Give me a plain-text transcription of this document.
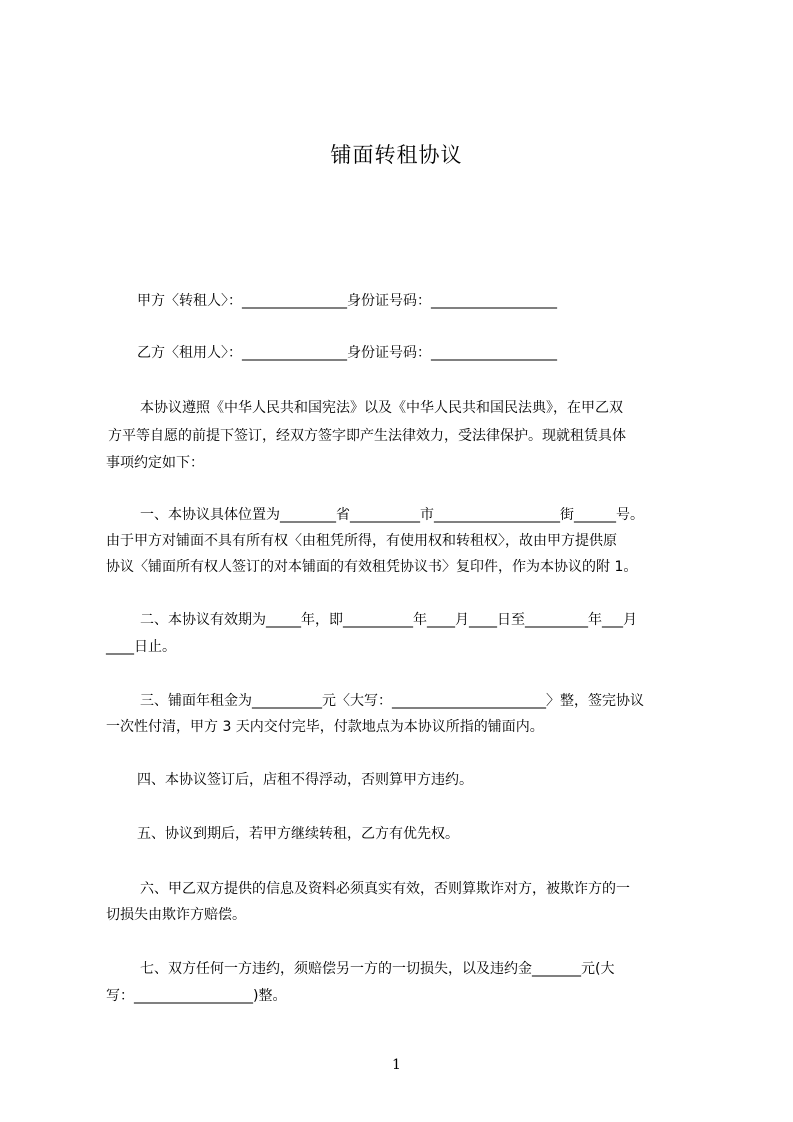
铺面转租协议
甲方〈转租人〉：_______________身份证号码：__________________
乙方〈租用人〉：_______________身份证号码：__________________
本协议遵照《中华人民共和国宪法》以及《中华人民共和国民法典》，在甲乙双
方平等自愿的前提下签订，经双方签字即产生法律效力，受法律保护。现就租赁具体
事项约定如下：
一、本协议具体位置为________省__________市__________________街______号。
由于甲方对铺面不具有所有权〈由租凭所得，有使用权和转租权〉，故由甲方提供原
协议〈铺面所有权人签订的对本铺面的有效租凭协议书〉复印件，作为本协议的附 1。
二、本协议有效期为_____年，即__________年____月____日至_________年___月
____日止。
三、铺面年租金为__________元〈大写：______________________〉整，签完协议
一次性付清，甲方 3 天内交付完毕，付款地点为本协议所指的铺面内。
四、本协议签订后，店租不得浮动，否则算甲方违约。
五、协议到期后，若甲方继续转租，乙方有优先权。
六、甲乙双方提供的信息及资料必须真实有效，否则算欺诈对方，被欺诈方的一
切损失由欺诈方赔偿。
七、双方任何一方违约，须赔偿另一方的一切损失，以及违约金_______元(大
写：_________________)整。
1
